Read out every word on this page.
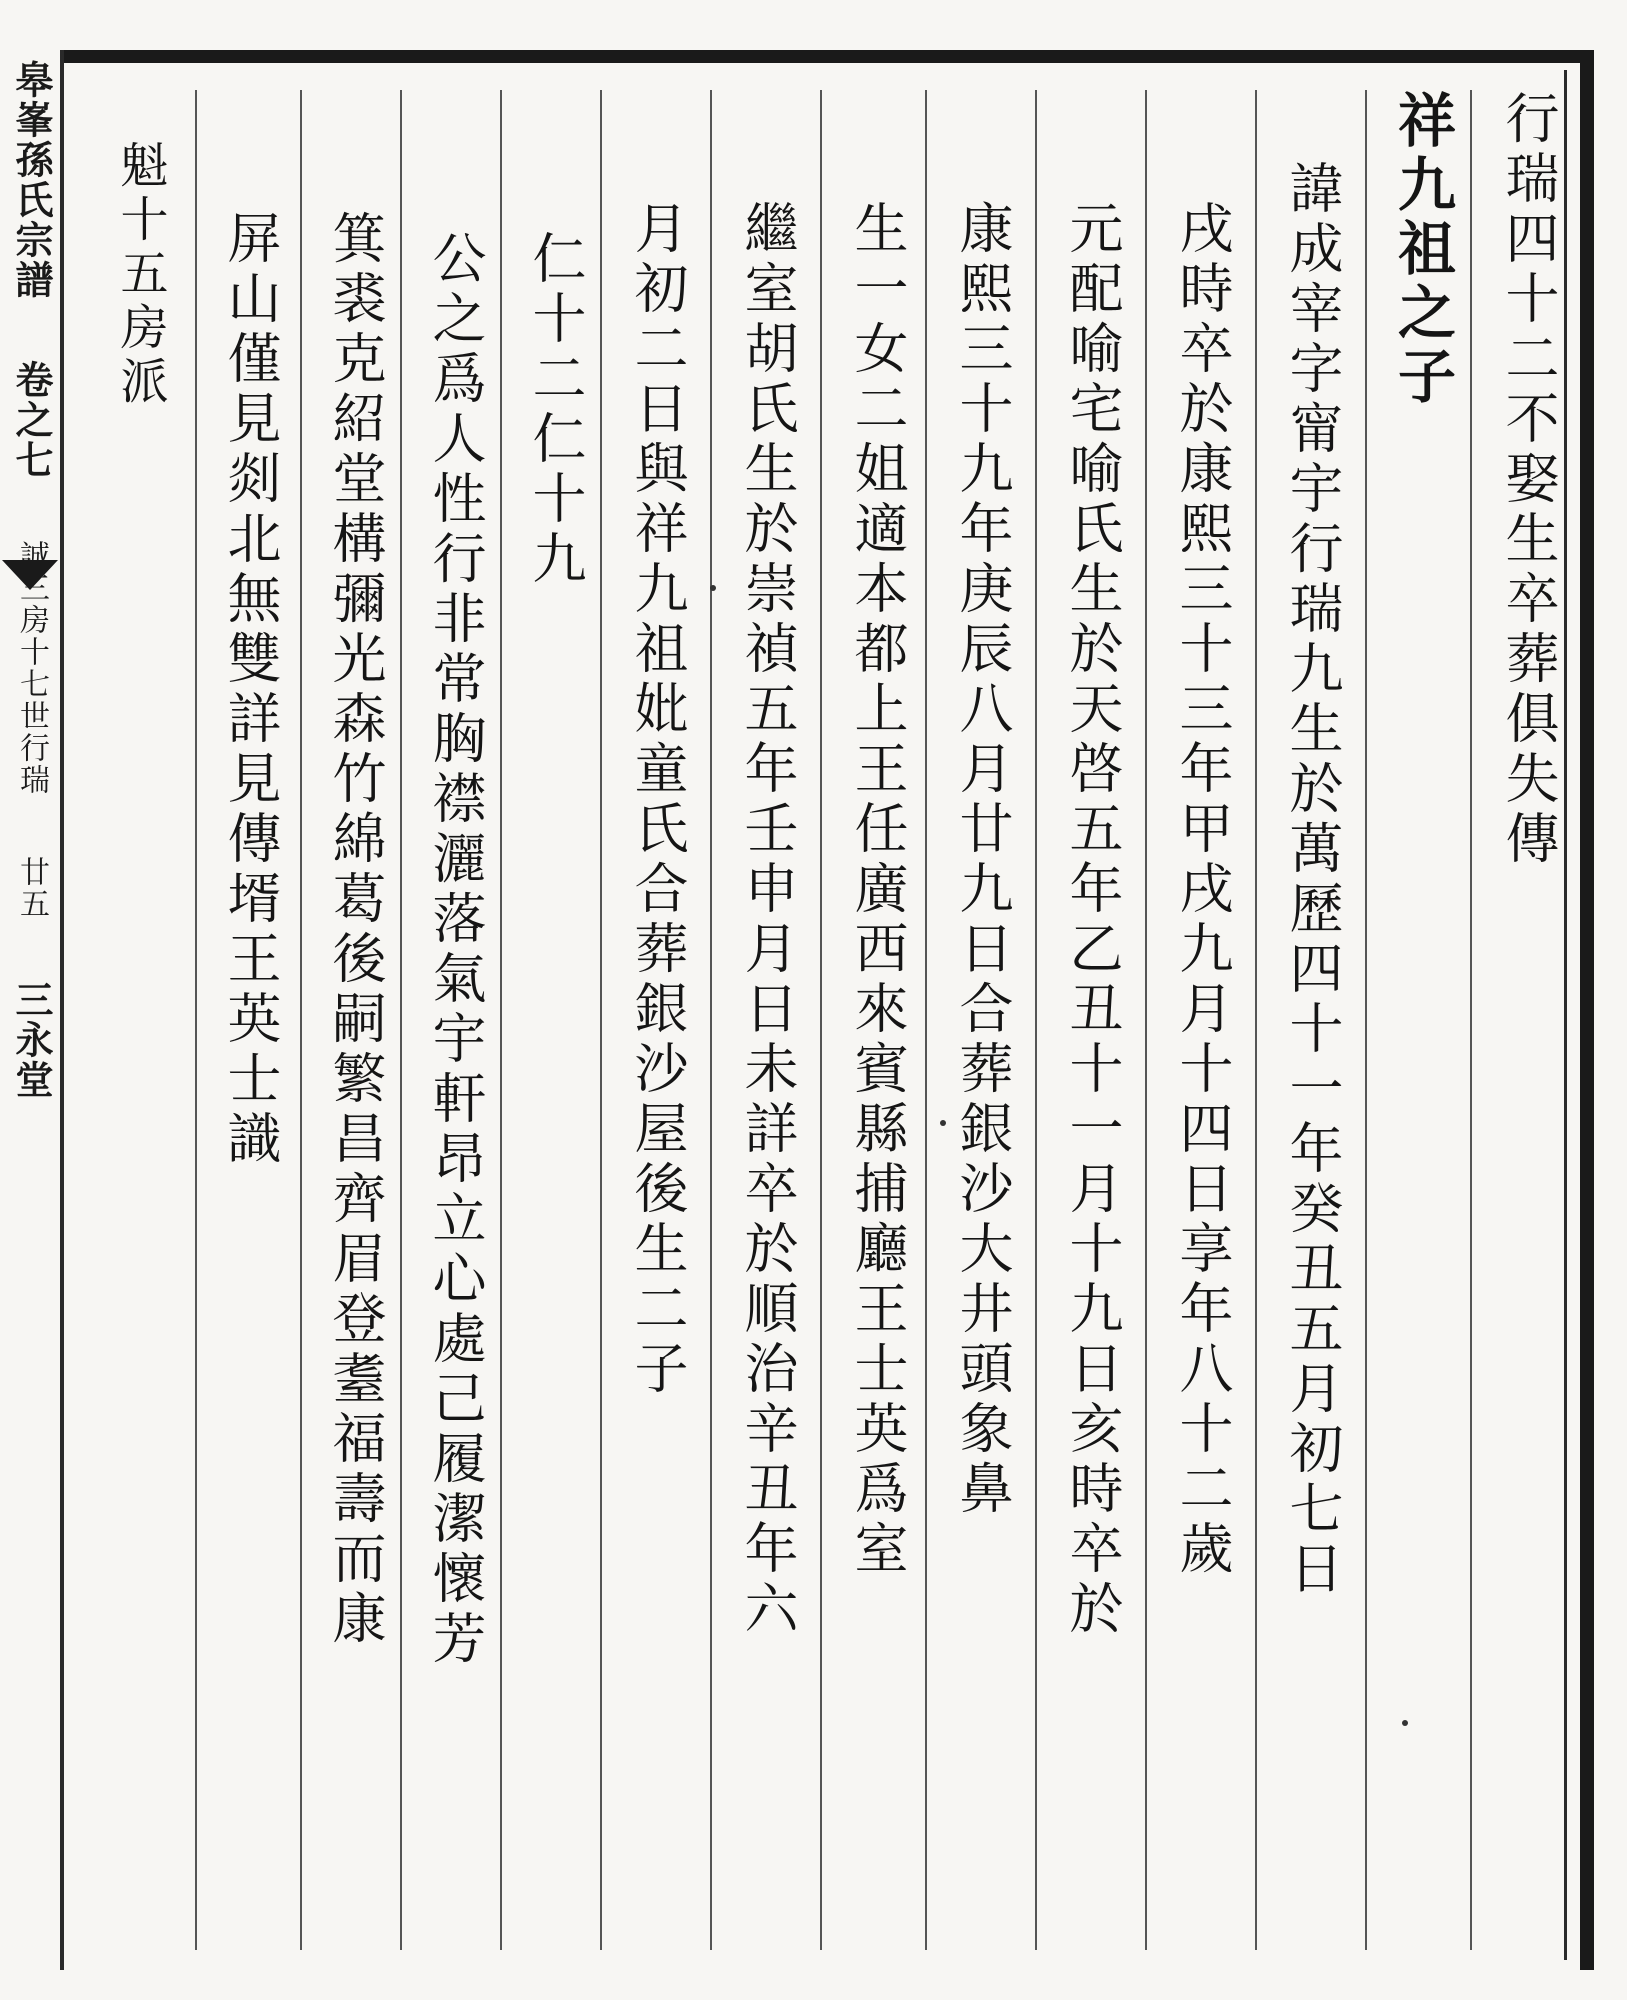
皋峯孫氏宗譜卷之七誠三房十七世行瑞廿五三永堂
行瑞四十二不娶生卒葬俱失傳
祥九祖之子
諱成宰字甯宇行瑞九生於萬歷四十一年癸丑五月初七日
戌時卒於康熙三十三年甲戌九月十四日享年八十二歲
元配喻宅喻氏生於天啓五年乙丑十一月十九日亥時卒於
康熙三十九年庚辰八月廿九日合葬銀沙大井頭象鼻
生一女二姐適本都上王任廣西來賓縣捕廳王士英爲室
繼室胡氏生於崇禎五年壬申月日未詳卒於順治辛丑年六
月初二日與祥九祖妣童氏合葬銀沙屋後生二子
仁十二仁十九
公之爲人性行非常胸襟灑落氣宇軒昂立心處己履潔懷芳
箕裘克紹堂構彌光森竹綿葛後嗣繁昌齊眉登耋福壽而康
屏山僅見剡北無雙詳見傳壻王英士識
魁十五房派
